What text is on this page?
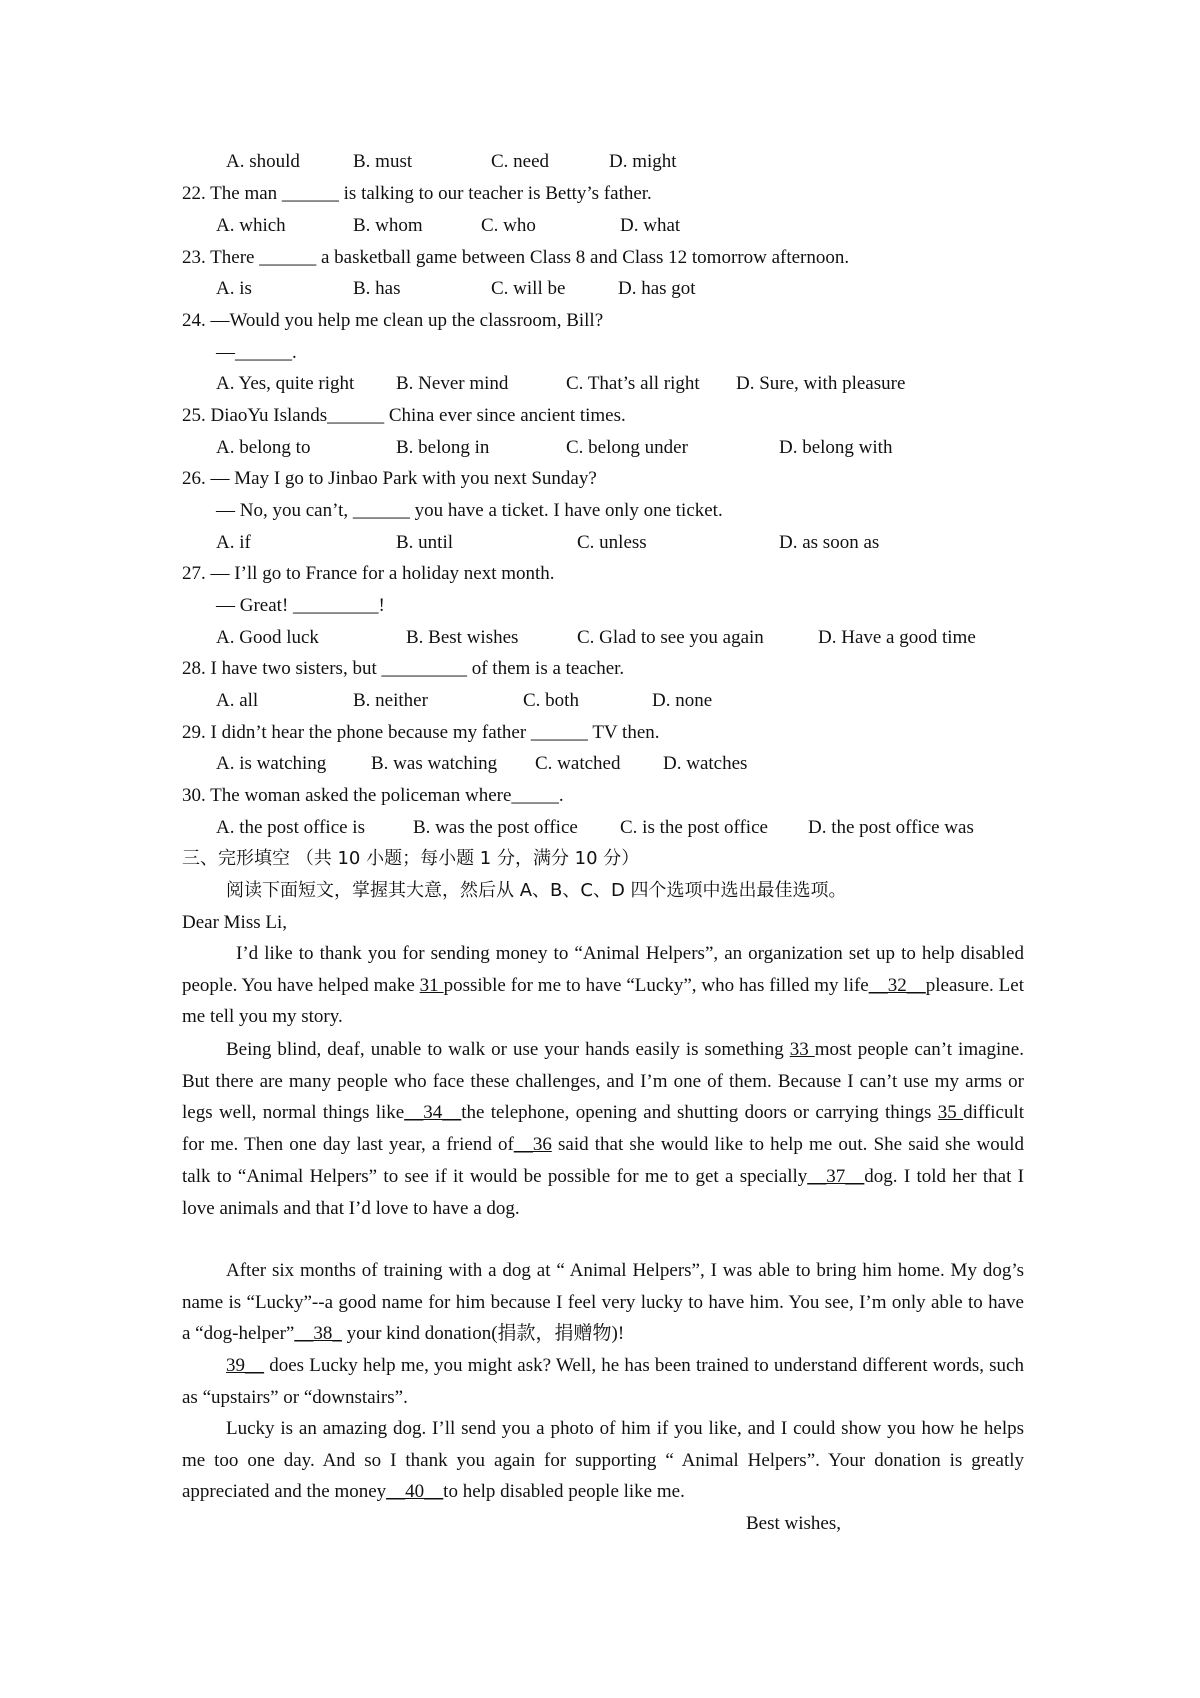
A. should	B. must	C. need	D. might
22. The man ______ is talking to our teacher is Betty’s father.
A. which	B. whom	C. who	D. what
23. There ______ a basketball game between Class 8 and Class 12 tomorrow afternoon.
A. is	B. has	C. will be	D. has got
24. —Would you help me clean up the classroom, Bill?
—______.
A. Yes, quite right B. Never mind	C. That’s all right D. Sure, with pleasure
25. DiaoYu Islands______ China ever since ancient times.
A. belong to	B. belong in	C. belong under	D. belong with
26. — May I go to Jinbao Park with you next Sunday?
— No, you can’t, ______ you have a ticket. I have only one ticket.
A. if	B. until	C. unless	D. as soon as
27. — I’ll go to France for a holiday next month.
— Great! _________!
A. Good luck	B. Best wishes	C. Glad to see you again	D. Have a good time
28. I have two sisters, but _________ of them is a teacher.
A. all	B. neither	C. both	D. none
29. I didn’t hear the phone because my father ______ TV then.
A. is watching B. was watching C. watched D. watches
30. The woman asked the policeman where_____.
A. the post office is	B. was the post office C. is the post office D. the post office was
三、完形填空 （共 10 小题；每小题 1 分，满分 10 分）
阅读下面短文，掌握其大意，然后从 A、B、C、D 四个选项中选出最佳选项。
Dear Miss Li,
I’d like to thank you for sending money to “Animal Helpers”, an organization set up to help disabled people. You have helped make 31 possible for me to have “Lucky”, who has filled my life__32__pleasure. Let me tell you my story.
Being blind, deaf, unable to walk or use your hands easily is something 33 most people can’t imagine. But there are many people who face these challenges, and I’m one of them. Because I can’t use my arms or legs well, normal things like__34__the telephone, opening and shutting doors or carrying things 35 difficult for me. Then one day last year, a friend of__36 said that she would like to help me out. She said she would talk to “Animal Helpers” to see if it would be possible for me to get a specially__37__dog. I told her that I love animals and that I’d love to have a dog.
After six months of training with a dog at “ Animal Helpers”, I was able to bring him home. My dog’s name is “Lucky”--a good name for him because I feel very lucky to have him. You see, I’m only able to have a “dog-helper”__38_ your kind donation(捐款，捐赠物)!
39__ does Lucky help me, you might ask? Well, he has been trained to understand different words, such as “upstairs” or “downstairs”.
Lucky is an amazing dog. I’ll send you a photo of him if you like, and I could show you how he helps me too one day. And so I thank you again for supporting “ Animal Helpers”. Your donation is greatly appreciated and the money__40__to help disabled people like me.
Best wishes,
